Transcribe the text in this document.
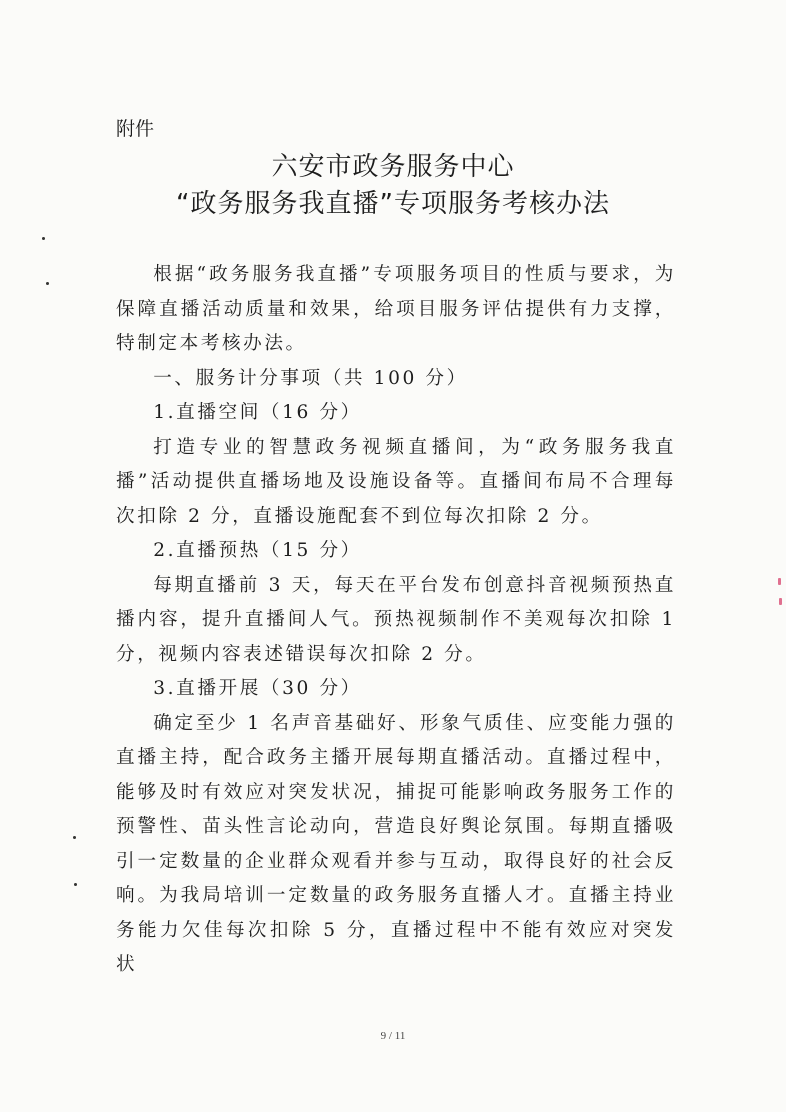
附件
六安市政务服务中心
“政务服务我直播”专项服务考核办法

根据“政务服务我直播”专项服务项目的性质与要求，为保障直播活动质量和效果，给项目服务评估提供有力支撑，特制定本考核办法。

一、服务计分事项（共 100 分）

1.直播空间（16 分）

打造专业的智慧政务视频直播间，为“政务服务我直播”活动提供直播场地及设施设备等。直播间布局不合理每次扣除 2 分，直播设施配套不到位每次扣除 2 分。

2.直播预热（15 分）

每期直播前 3 天，每天在平台发布创意抖音视频预热直播内容，提升直播间人气。预热视频制作不美观每次扣除 1 分，视频内容表述错误每次扣除 2 分。

3.直播开展（30 分）

确定至少 1 名声音基础好、形象气质佳、应变能力强的直播主持，配合政务主播开展每期直播活动。直播过程中，能够及时有效应对突发状况，捕捉可能影响政务服务工作的预警性、苗头性言论动向，营造良好舆论氛围。每期直播吸引一定数量的企业群众观看并参与互动，取得良好的社会反响。为我局培训一定数量的政务服务直播人才。直播主持业务能力欠佳每次扣除 5 分，直播过程中不能有效应对突发状

9 / 11
